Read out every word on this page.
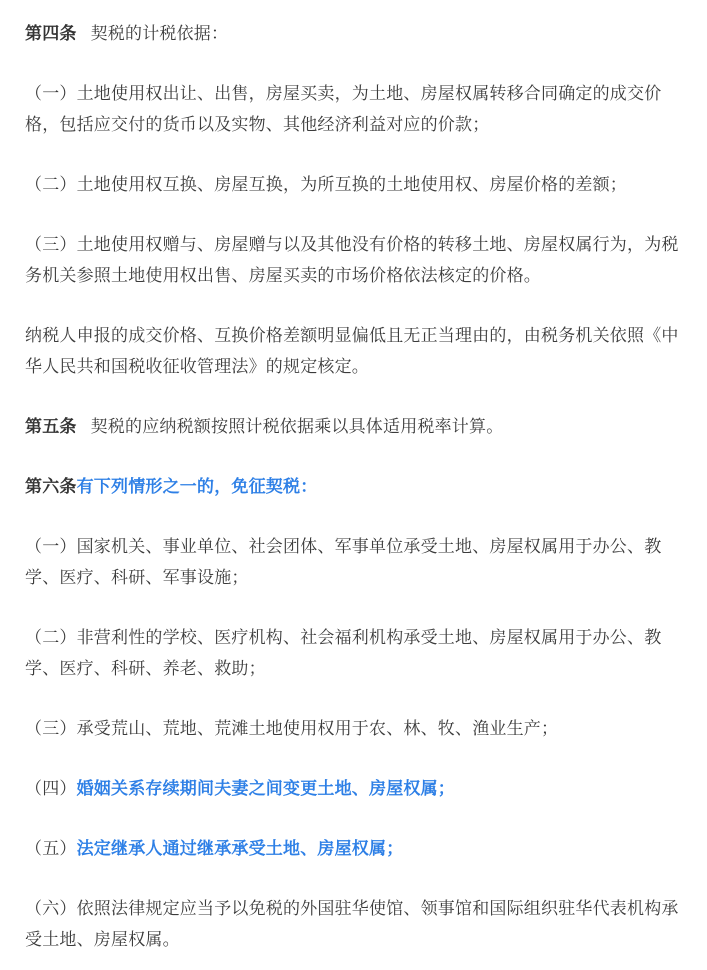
第四条 契税的计税依据：

（一）土地使用权出让、出售，房屋买卖，为土地、房屋权属转移合同确定的成交价格，包括应交付的货币以及实物、其他经济利益对应的价款；

（二）土地使用权互换、房屋互换，为所互换的土地使用权、房屋价格的差额；

（三）土地使用权赠与、房屋赠与以及其他没有价格的转移土地、房屋权属行为，为税务机关参照土地使用权出售、房屋买卖的市场价格依法核定的价格。

纳税人申报的成交价格、互换价格差额明显偏低且无正当理由的，由税务机关依照《中华人民共和国税收征收管理法》的规定核定。

第五条 契税的应纳税额按照计税依据乘以具体适用税率计算。

第六条有下列情形之一的，免征契税：

（一）国家机关、事业单位、社会团体、军事单位承受土地、房屋权属用于办公、教学、医疗、科研、军事设施；

（二）非营利性的学校、医疗机构、社会福利机构承受土地、房屋权属用于办公、教学、医疗、科研、养老、救助；

（三）承受荒山、荒地、荒滩土地使用权用于农、林、牧、渔业生产；

（四）婚姻关系存续期间夫妻之间变更土地、房屋权属；

（五）法定继承人通过继承承受土地、房屋权属；

（六）依照法律规定应当予以免税的外国驻华使馆、领事馆和国际组织驻华代表机构承受土地、房屋权属。
